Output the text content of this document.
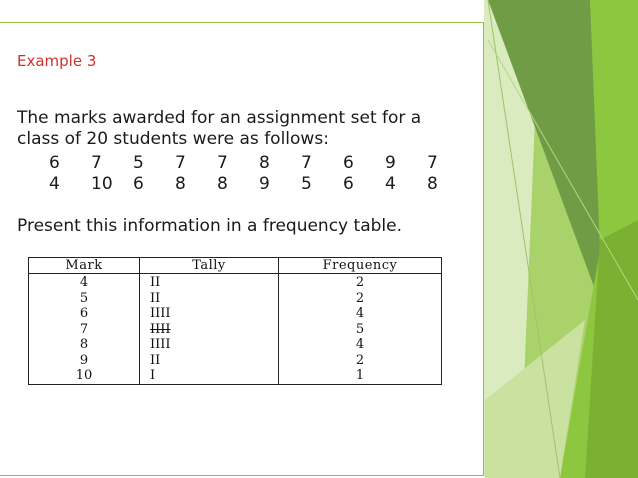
Example 3
The marks awarded for an assignment set for a class of 20 students were as follows:
6 7 5 7 7 8 7 6 9 7
4 10 6 8 8 9 5 6 4 8
Present this information in a frequency table.
Mark	Tally	Frequency
4	II	2
5	II	2
6	IIII	4
7	IIII	5
8	IIII	4
9	II	2
10	I	1
